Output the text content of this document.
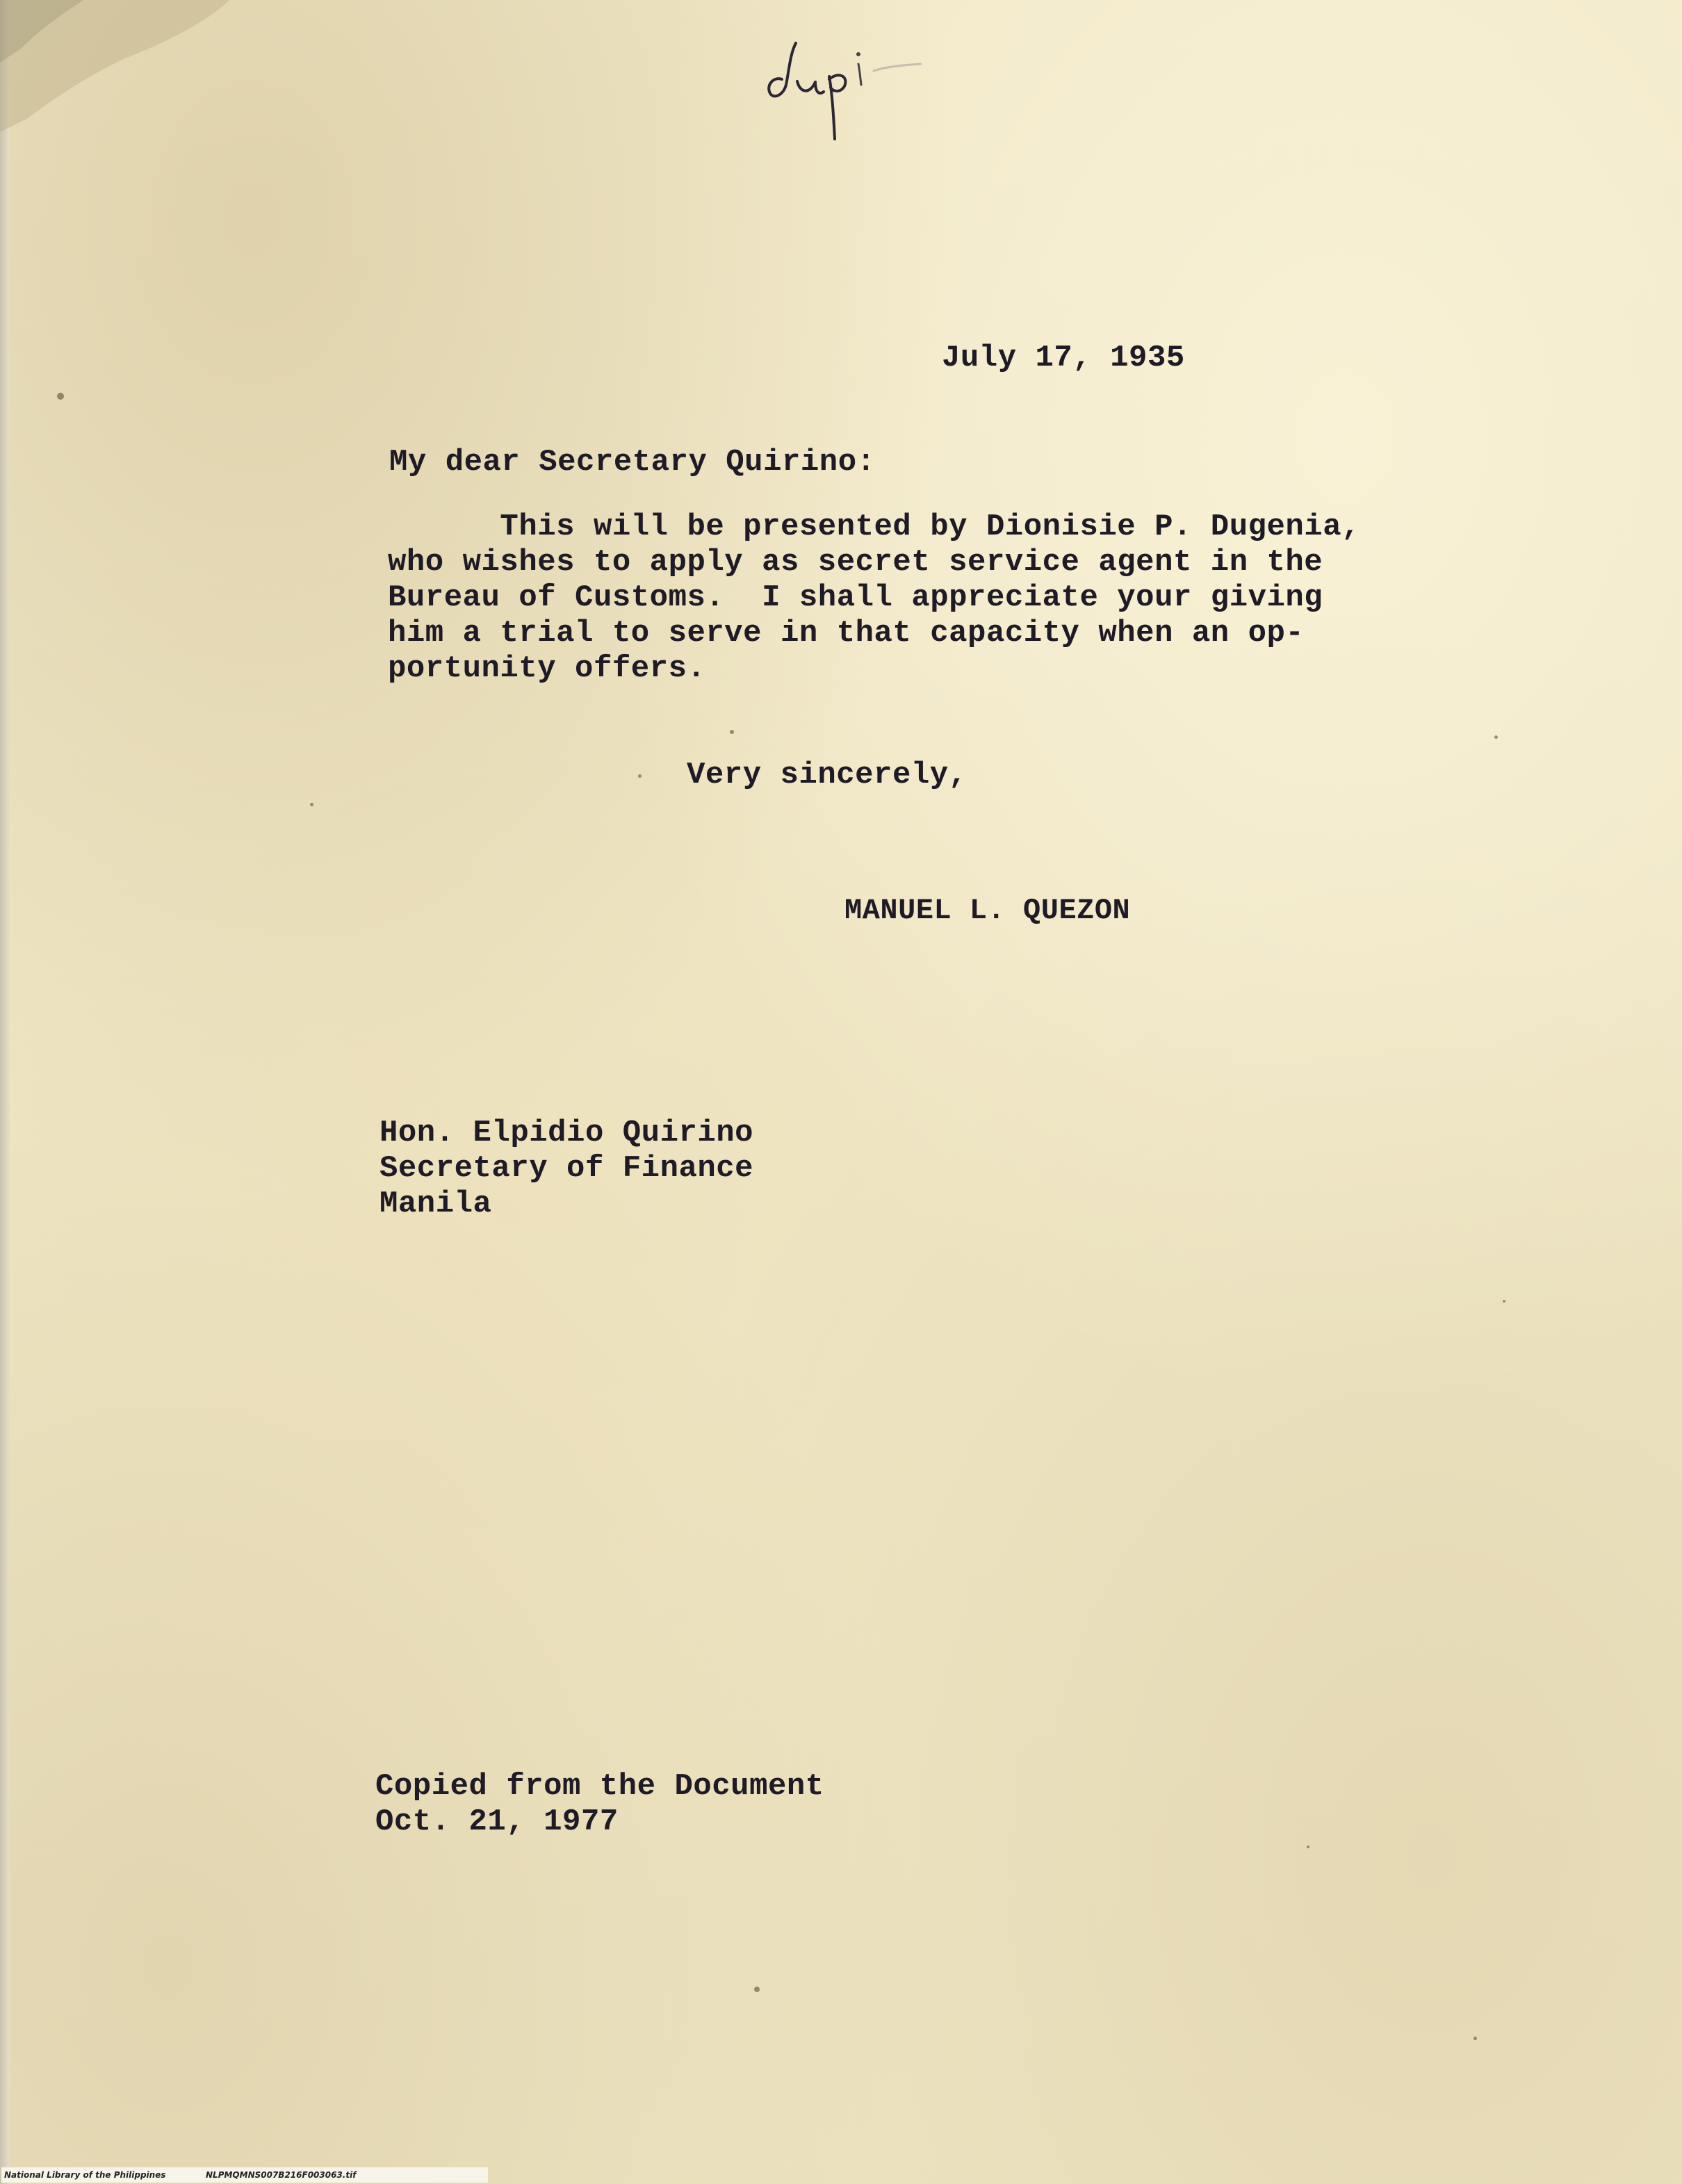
July 17, 1935
My dear Secretary Quirino:
This will be presented by Dionisie P. Dugenia,
who wishes to apply as secret service agent in the
Bureau of Customs.  I shall appreciate your giving
him a trial to serve in that capacity when an op-
portunity offers.
Very sincerely,
MANUEL L. QUEZON
Hon. Elpidio Quirino
Secretary of Finance
Manila
Copied from the Document
Oct. 21, 1977
National Library of the Philippines	NLPMQMNS007B216F003063.tif
